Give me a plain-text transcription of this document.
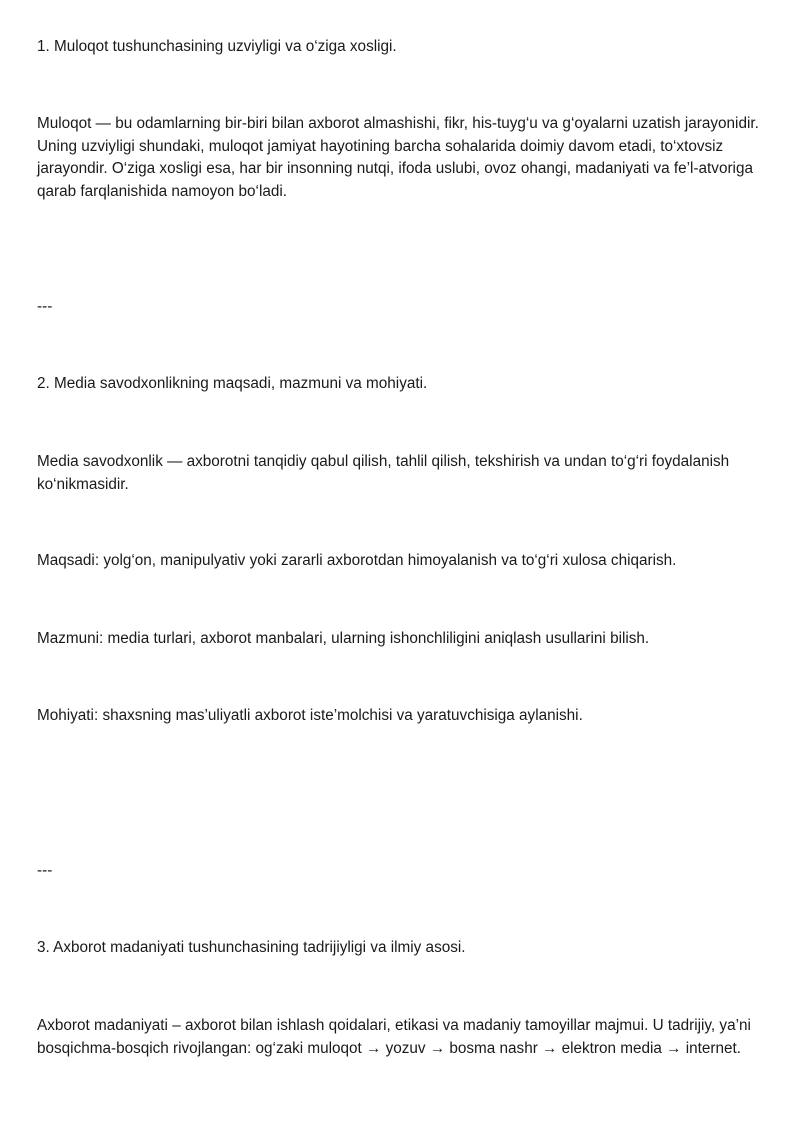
1. Muloqot tushunchasining uzviyligi va o‘ziga xosligi.

Muloqot — bu odamlarning bir-biri bilan axborot almashishi, fikr, his-tuyg‘u va g‘oyalarni uzatish jarayonidir. Uning uzviyligi shundaki, muloqot jamiyat hayotining barcha sohalarida doimiy davom etadi, to‘xtovsiz jarayondir. O‘ziga xosligi esa, har bir insonning nutqi, ifoda uslubi, ovoz ohangi, madaniyati va fe’l-atvoriga qarab farqlanishida namoyon bo‘ladi.

---

2. Media savodxonlikning maqsadi, mazmuni va mohiyati.

Media savodxonlik — axborotni tanqidiy qabul qilish, tahlil qilish, tekshirish va undan to‘g‘ri foydalanish ko‘nikmasidir.

Maqsadi: yolg‘on, manipulyativ yoki zararli axborotdan himoyalanish va to‘g‘ri xulosa chiqarish.

Mazmuni: media turlari, axborot manbalari, ularning ishonchliligini aniqlash usullarini bilish.

Mohiyati: shaxsning mas’uliyatli axborot iste’molchisi va yaratuvchisiga aylanishi.

---

3. Axborot madaniyati tushunchasining tadrijiyligi va ilmiy asosi.

Axborot madaniyati – axborot bilan ishlash qoidalari, etikasi va madaniy tamoyillar majmui. U tadrijiy, ya’ni bosqichma-bosqich rivojlangan: og‘zaki muloqot → yozuv → bosma nashr → elektron media → internet.
